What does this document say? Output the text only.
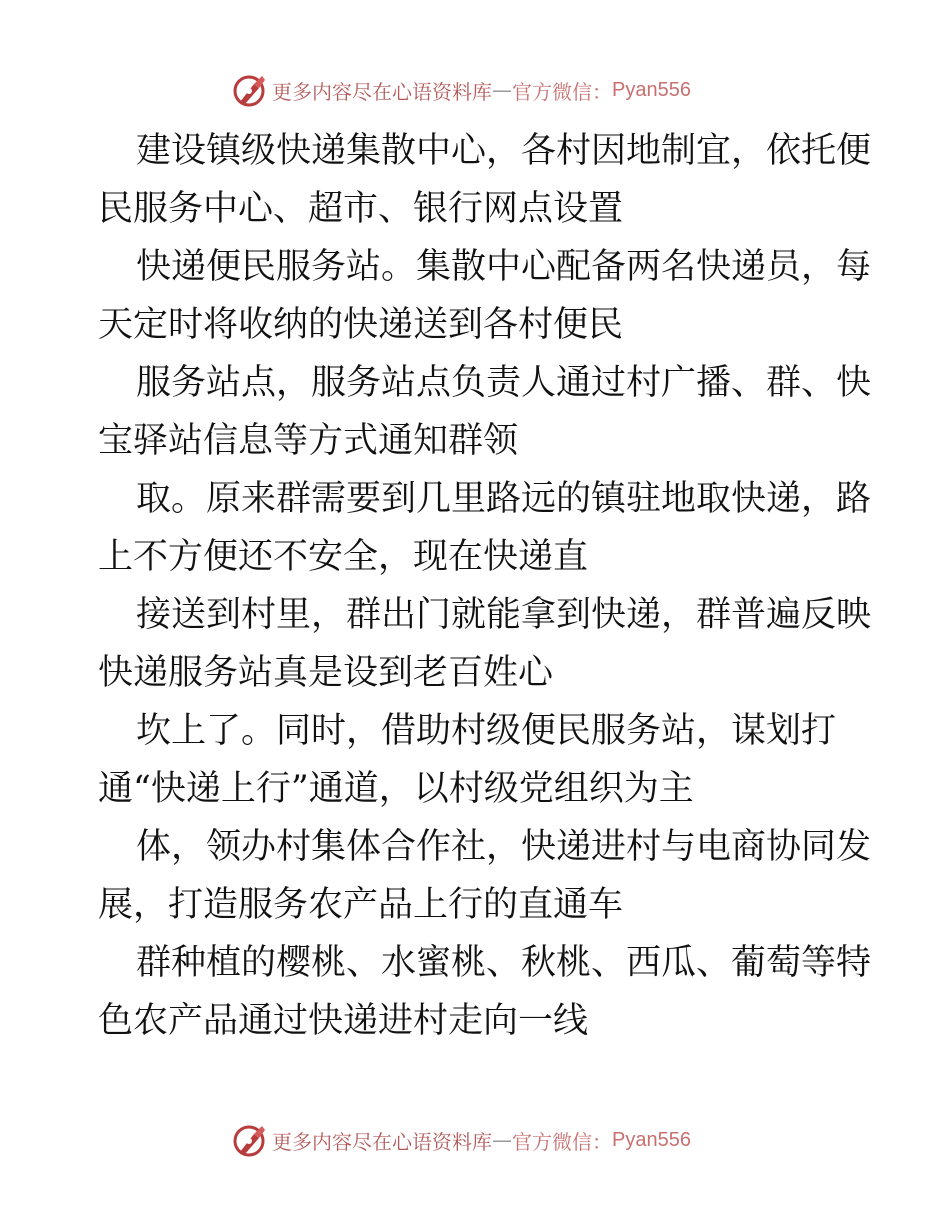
更多内容尽在心语资料库 — 官方微信： Pyan556
建设镇级快递集散中心，各村因地制宜，依托便
民服务中心、超市、银行网点设置
快递便民服务站。集散中心配备两名快递员，每
天定时将收纳的快递送到各村便民
服务站点，服务站点负责人通过村广播、群、快
宝驿站信息等方式通知群领
取。原来群需要到几里路远的镇驻地取快递，路
上不方便还不安全，现在快递直
接送到村里，群出门就能拿到快递，群普遍反映
快递服务站真是设到老百姓心
坎上了。同时，借助村级便民服务站，谋划打
通“快递上行”通道，以村级党组织为主
体，领办村集体合作社，快递进村与电商协同发
展，打造服务农产品上行的直通车
群种植的樱桃、水蜜桃、秋桃、西瓜、葡萄等特
色农产品通过快递进村走向一线
更多内容尽在心语资料库 — 官方微信： Pyan556
